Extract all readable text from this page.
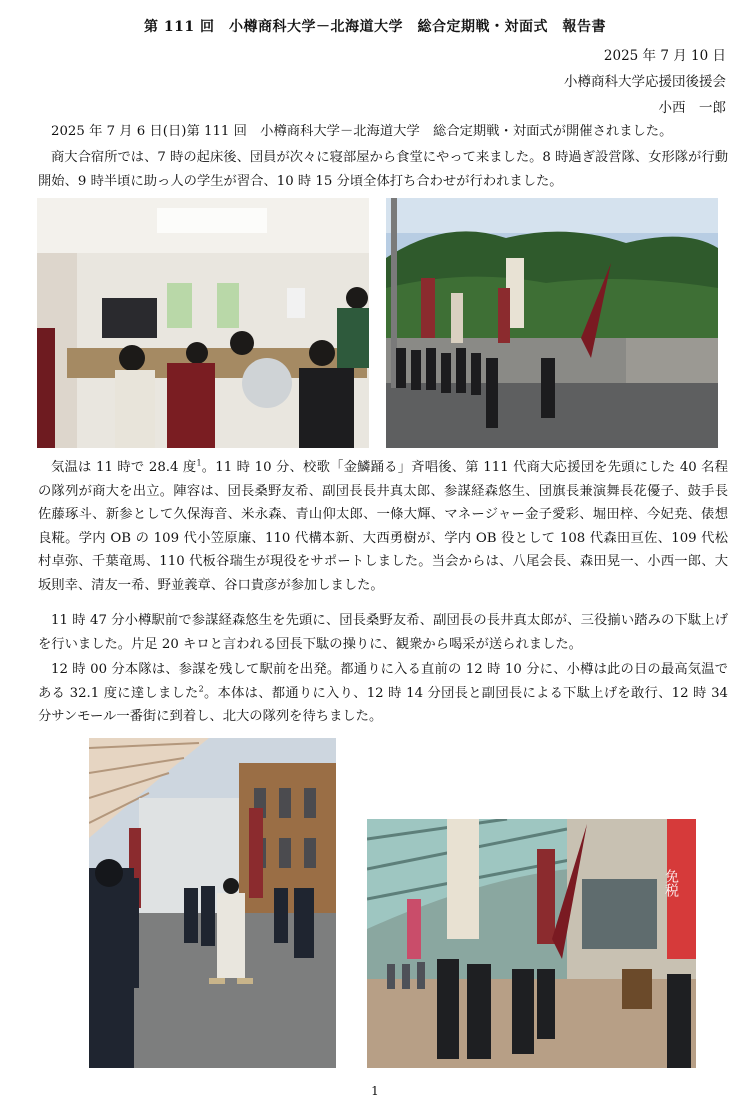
第 111 回　小樽商科大学－北海道大学　総合定期戦・対面式　報告書
2025 年 7 月 10 日
小樽商科大学応援団後援会
小西　一郎

2025 年 7 月 6 日(日)第 111 回　小樽商科大学－北海道大学　総合定期戦・対面式が開催されました。

商大合宿所では、7 時の起床後、団員が次々に寝部屋から食堂にやって来ました。8 時過ぎ設営隊、女形隊が行動開始、9 時半頃に助っ人の学生が習合、10 時 15 分頃全体打ち合わせが行われました。

気温は 11 時で 28.4 度$^1$。11 時 10 分、校歌「金鱗踊る」斉唱後、第 111 代商大応援団を先頭にした 40 名程の隊列が商大を出立。陣容は、団長桑野友希、副団長長井真太郎、参謀経森悠生、団旗長兼演舞長花優子、鼓手長佐藤琢斗、新参として久保海音、米永森、青山仰太郎、一條大輝、マネージャー金子愛彩、堀田梓、今妃尭、俵想良糀。学内 OB の 109 代小笠原廉、110 代構本新、大西勇樹が、学内 OB 役として 108 代森田亘佐、109 代松村卓弥、千葉竜馬、110 代板谷瑞生が現役をサポートしました。当会からは、八尾会長、森田晃一、小西一郎、大坂則幸、清友一希、野並義章、谷口貴彦が参加しました。

11 時 47 分小樽駅前で参謀経森悠生を先頭に、団長桑野友希、副団長の長井真太郎が、三役揃い踏みの下駄上げを行いました。片足 20 キロと言われる団長下駄の操りに、観衆から喝采が送られました。

12 時 00 分本隊は、参謀を残して駅前を出発。都通りに入る直前の 12 時 10 分に、小樽は此の日の最高気温である 32.1 度に達しました$^2$。本体は、都通りに入り、12 時 14 分団長と副団長による下駄上げを敢行、12 時 34 分サンモール一番街に到着し、北大の隊列を待ちました。

免税
1
